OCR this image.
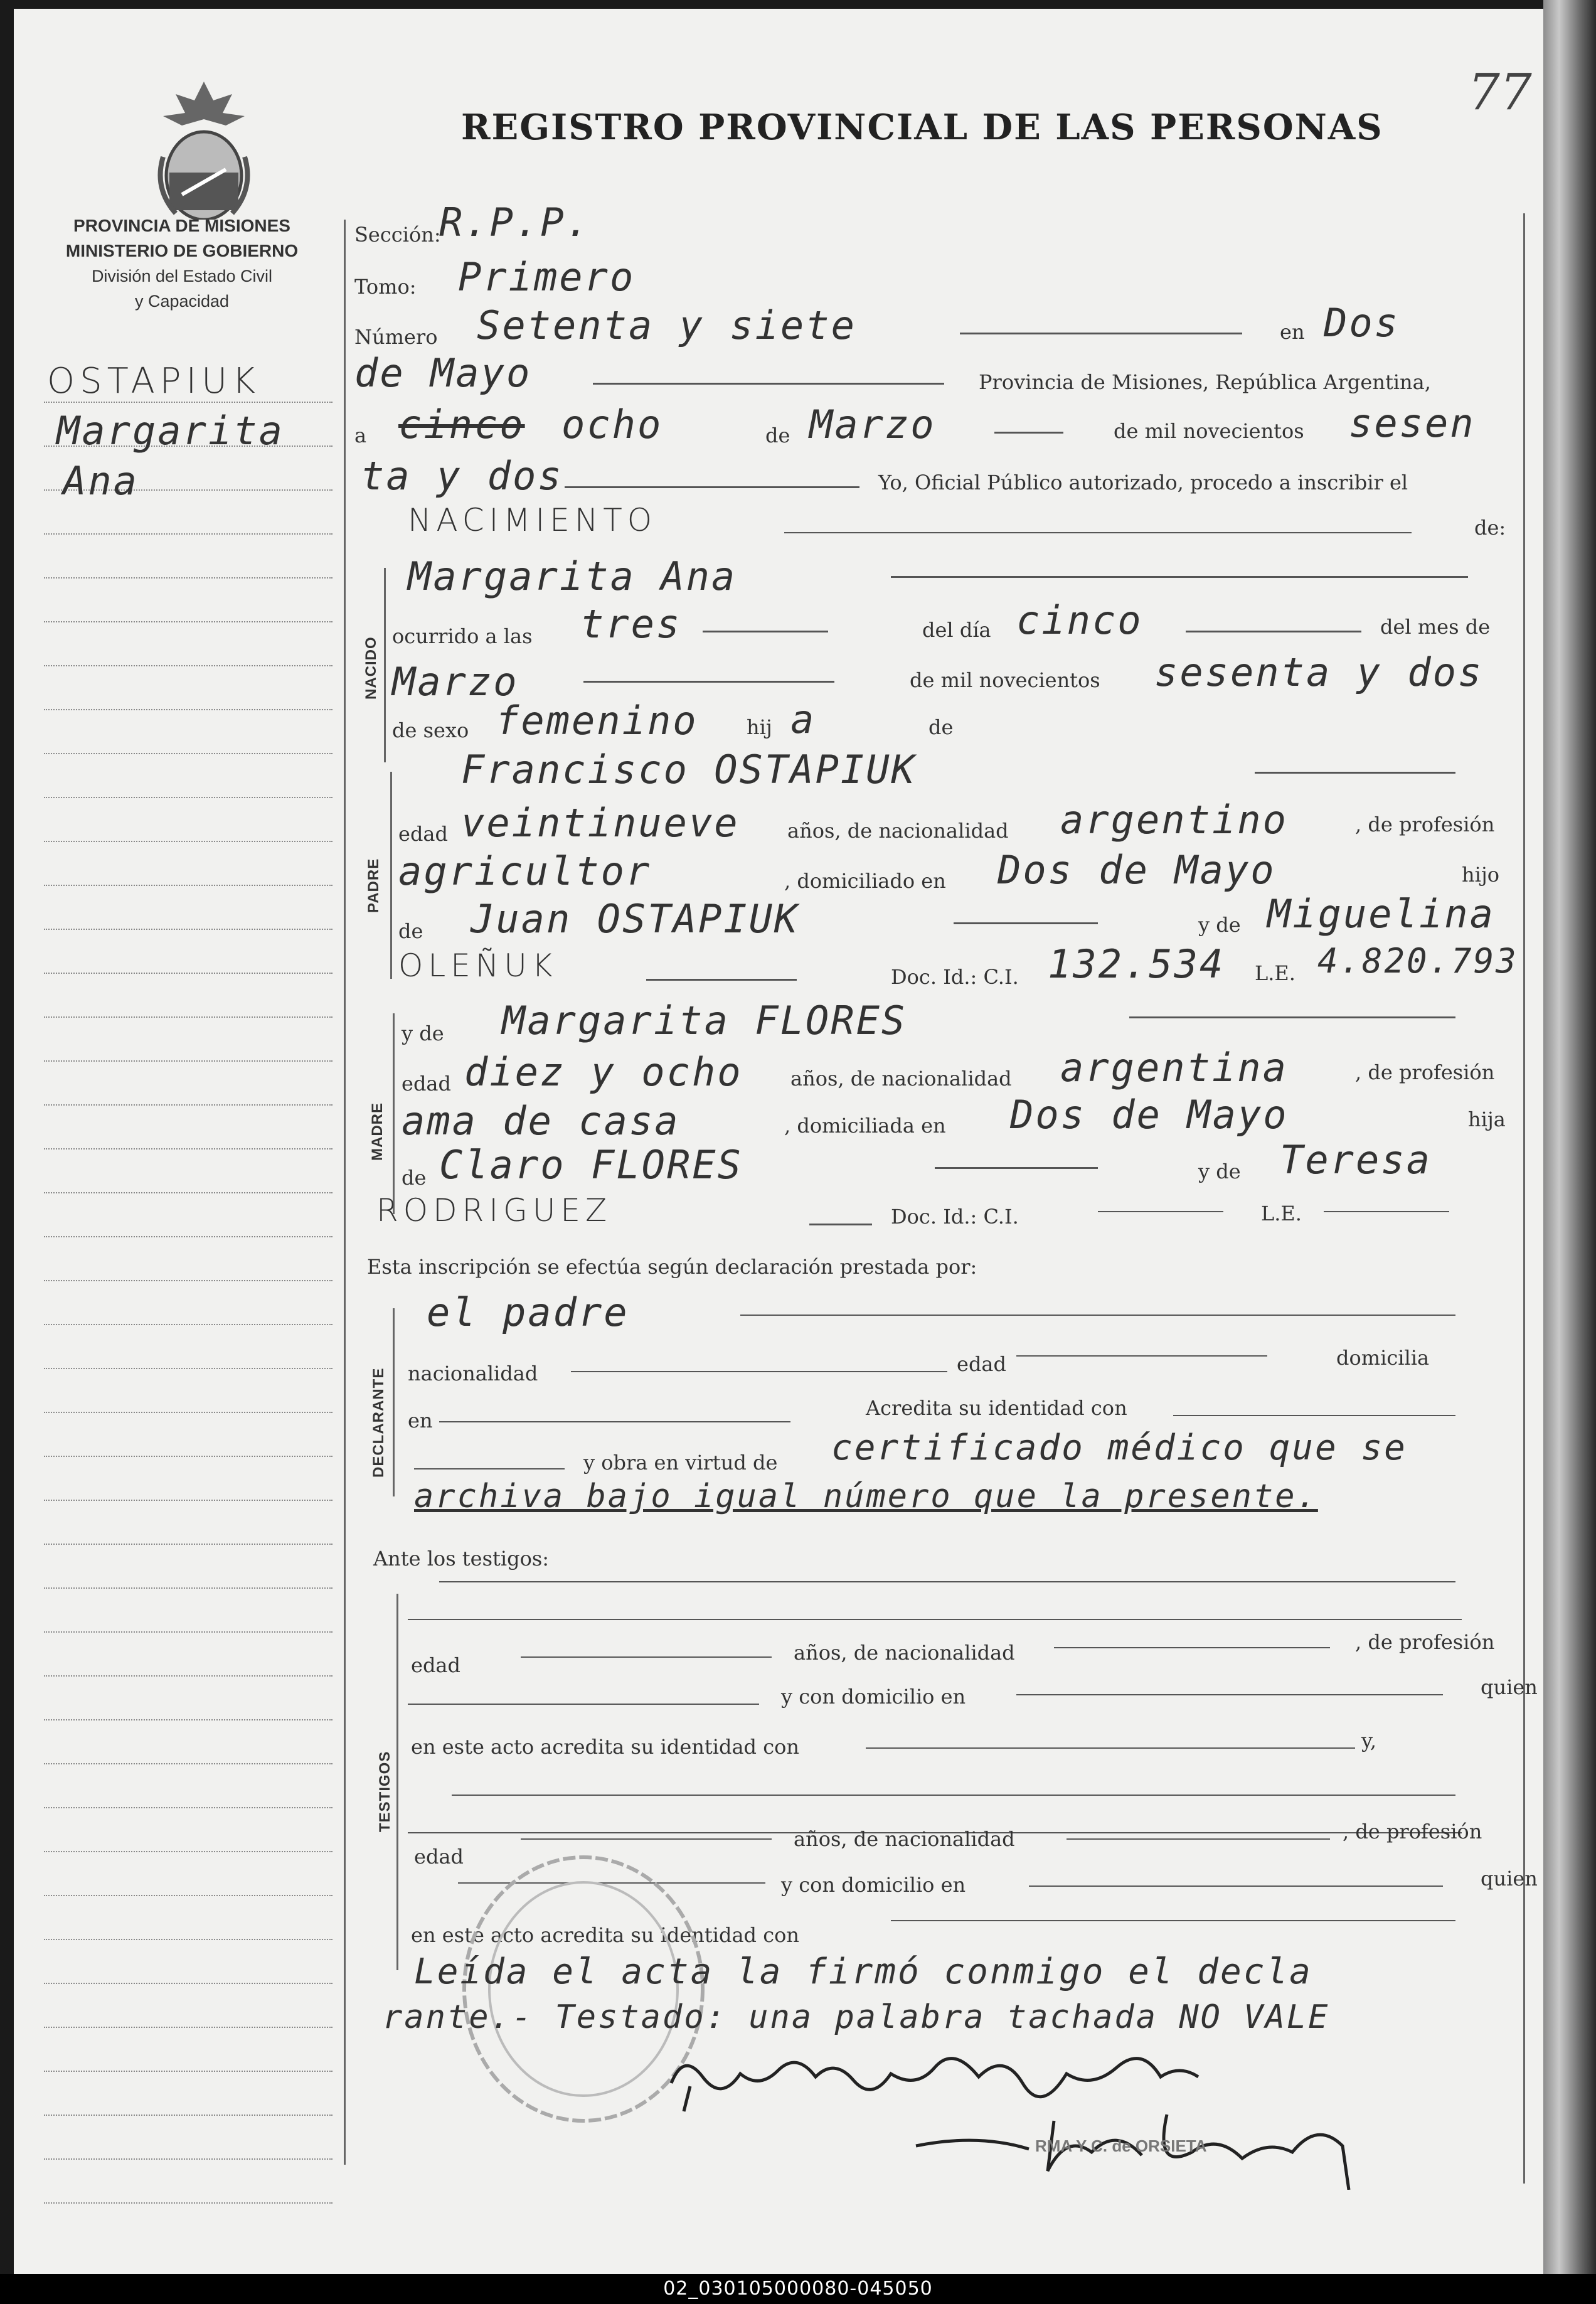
02_030105000080-045050
77
REGISTRO PROVINCIAL DE LAS PERSONAS
PROVINCIA DE MISIONES
MINISTERIO DE GOBIERNO
División del Estado Civil
y Capacidad
OSTAPIUK
Margarita
Ana
NACIDO
PADRE
MADRE
DECLARANTE
TESTIGOS
Sección:
R.P.P.
Tomo: Primero
Número Setenta y siete	en Dos
de Mayo	Provincia de Misiones, República Argentina,
a cinco ocho	de Marzo	de mil novecientos sesen
ta y dos	Yo, Oficial Público autorizado, procedo a inscribir el
NACIMIENTO	de:
Margarita Ana
ocurrido a las tres	del día cinco	del mes de
Marzo	de mil novecientos sesenta y dos
de sexo femenino hij a	de
Francisco OSTAPIUK
edad veintinueve años, de nacionalidad argentino	, de profesión
agricultor	, domiciliado en Dos de Mayo	hijo
de Juan OSTAPIUK	y de Miguelina
OLEÑUK	Doc. Id.: C.I. 132.534 L.E. 4.820.793
y de Margarita FLORES
edad diez y ocho años, de nacionalidad argentina	, de profesión
ama de casa	, domiciliada en Dos de Mayo	hija
de Claro FLORES	y de Teresa
RODRIGUEZ	Doc. Id.: C.I.	L.E.
Esta inscripción se efectúa según declaración prestada por:
el padre
nacionalidad	edad	domicilia
en
Acredita su identidad con
y obra en virtud de certificado médico que se
archiva bajo igual número que la presente.
Ante los testigos:
edad
años, de nacionalidad	, de profesión
y con domicilio en	quien
en este acto acredita su identidad con	y,
edad
años, de nacionalidad	, de profesión
y con domicilio en	quien
en este acto acredita su identidad con
Leída el acta la firmó conmigo el decla
rante.- Testado: una palabra tachada NO VALE
RMA Y C. de ORSIETA
